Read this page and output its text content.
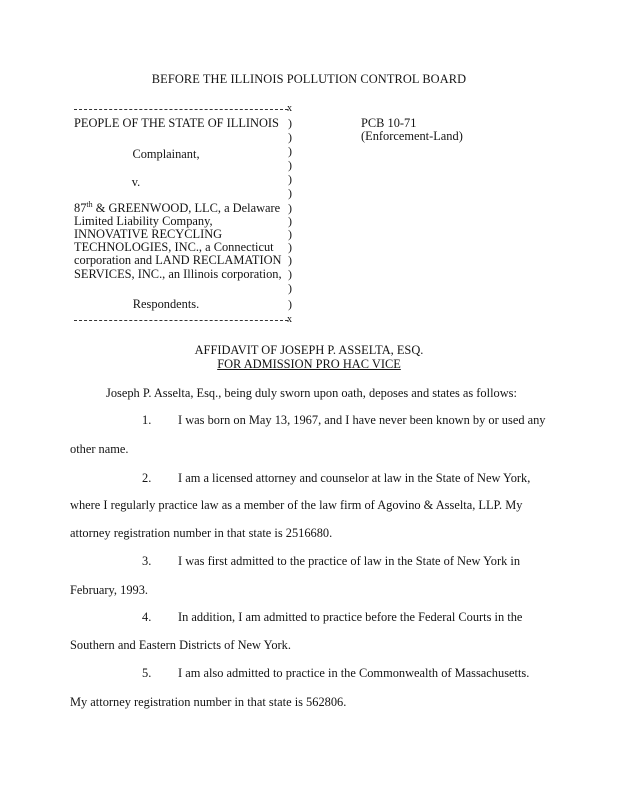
BEFORE THE ILLINOIS POLLUTION CONTROL BOARD
x
PEOPLE OF THE STATE OF ILLINOIS
Complainant,
v.
87th & GREENWOOD, LLC, a Delaware
Limited Liability Company,
INNOVATIVE RECYCLING
TECHNOLOGIES, INC., a Connecticut
corporation and LAND RECLAMATION
SERVICES, INC., an Illinois corporation,
Respondents.
)
)
)
)
)
)
)
)
)
)
)
)
)
)
x
PCB 10-71
(Enforcement-Land)
AFFIDAVIT OF JOSEPH P. ASSELTA, ESQ.
FOR ADMISSION PRO HAC VICE
Joseph P. Asselta, Esq., being duly sworn upon oath, deposes and states as follows:
1. I was born on May 13, 1967, and I have never been known by or used any
other name.
2. I am a licensed attorney and counselor at law in the State of New York,
where I regularly practice law as a member of the law firm of Agovino & Asselta, LLP. My
attorney registration number in that state is 2516680.
3. I was first admitted to the practice of law in the State of New York in
February, 1993.
4. In addition, I am admitted to practice before the Federal Courts in the
Southern and Eastern Districts of New York.
5. I am also admitted to practice in the Commonwealth of Massachusetts.
My attorney registration number in that state is 562806.
